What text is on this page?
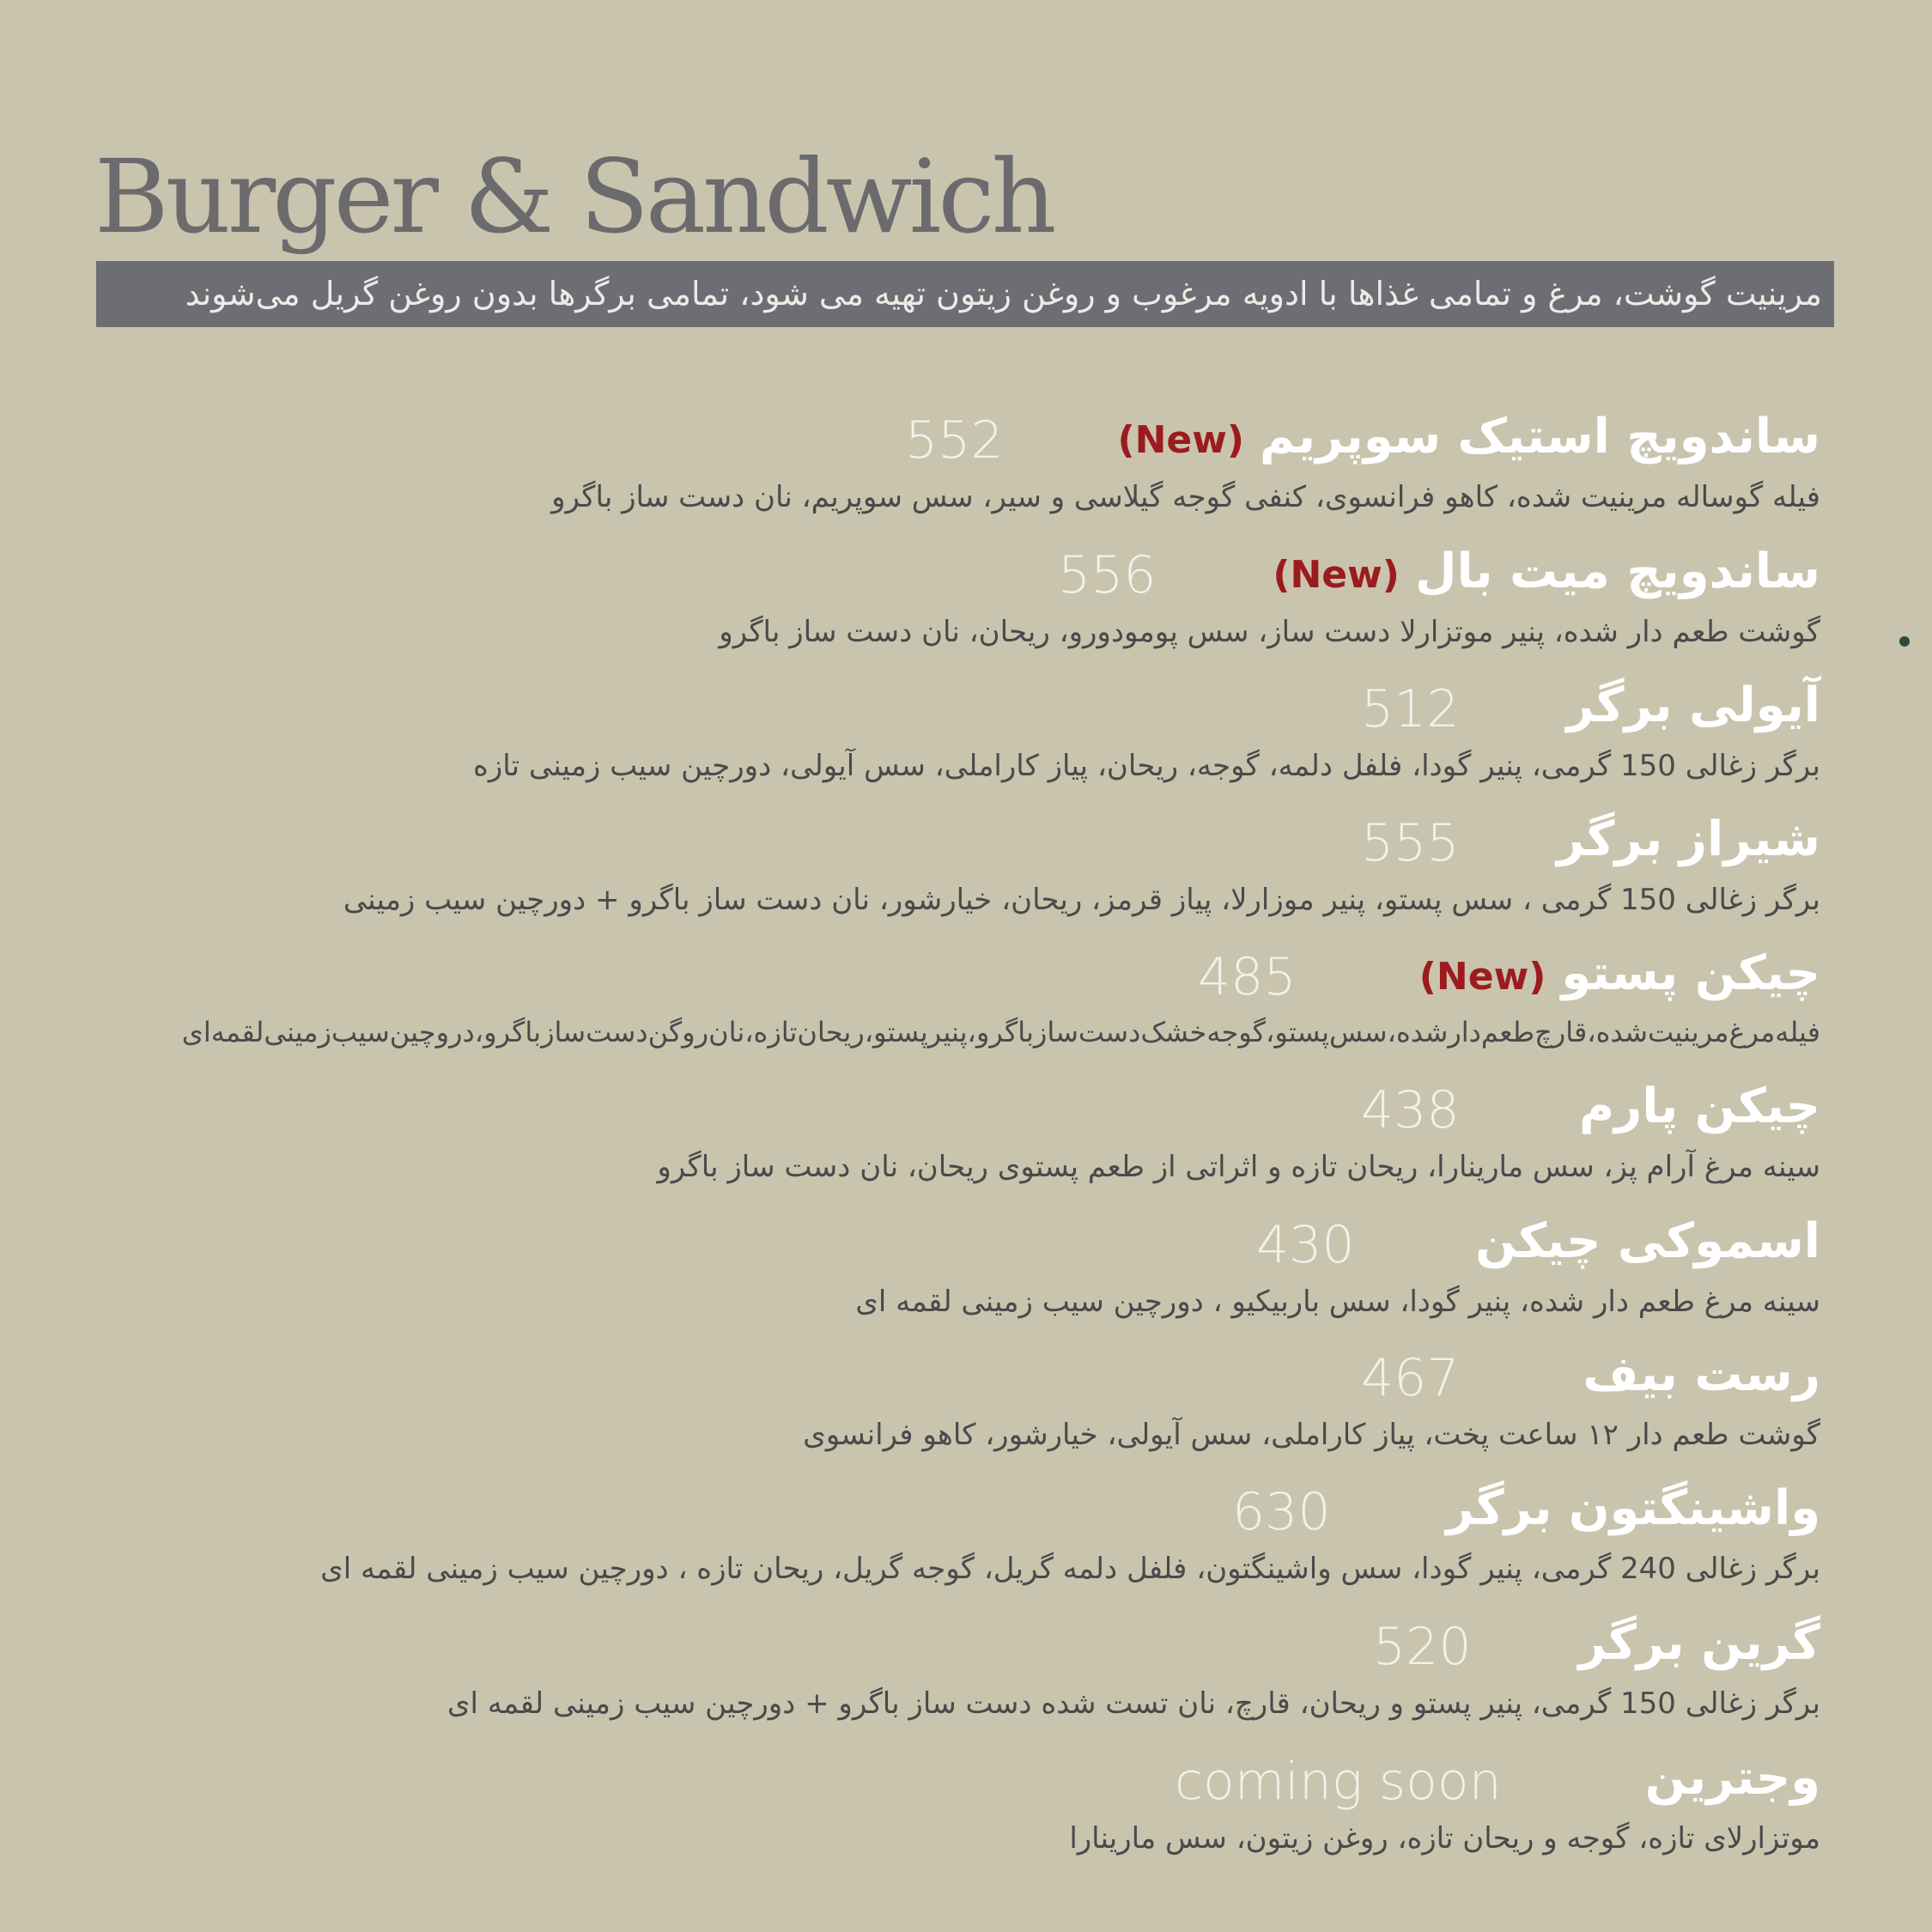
Burger & Sandwich
مرینیت گوشت، مرغ و تمامی غذاها با ادویه مرغوب و روغن زیتون تهیه می شود، تمامی برگرها بدون روغن گریل می‌شوند
ساندویچ استیک سوپریم(New)
552
فیله گوساله مرینیت شده، کاهو فرانسوی، کنفی گوجه گیلاسی و سیر، سس سوپریم، نان دست ساز باگرو
ساندویچ میت بال(New)
556
گوشت طعم دار شده، پنیر موتزارلا دست ساز، سس پومودورو، ریحان، نان دست ساز باگرو
آیولی برگر
512
برگر زغالی 150 گرمی، پنیر گودا، فلفل دلمه، گوجه، ریحان، پیاز کاراملی، سس آیولی، دورچین سیب زمینی تازه
شیراز برگر
555
برگر زغالی 150 گرمی ، سس پستو، پنیر موزارلا، پیاز قرمز، ریحان، خیارشور، نان دست ساز باگرو + دورچین سیب زمینی
چیکن پستو(New)
485
فیله‌مرغ‌مرینیت‌شده،قارچ‌طعم‌دارشده،سس‌پستو،گوجه‌خشک‌دست‌سازباگرو،پنیرپستو،ریحان‌تازه،نان‌روگن‌دست‌سازباگرو،دروچین‌سیب‌زمینی‌لقمه‌ای
چیکن پارم
438
سینه مرغ آرام پز، سس مارینارا، ریحان تازه و اثراتی از طعم پستوی ریحان، نان دست ساز باگرو
اسموکی چیکن
430
سینه مرغ طعم دار شده، پنیر گودا، سس باربیکیو ، دورچین سیب زمینی لقمه ای
رست بیف
467
گوشت طعم دار ۱۲ ساعت پخت، پیاز کاراملی، سس آیولی، خیارشور، کاهو فرانسوی
واشینگتون برگر
630
برگر زغالی 240 گرمی، پنیر گودا، سس واشینگتون، فلفل دلمه گریل، گوجه گریل، ریحان تازه ، دورچین سیب زمینی لقمه ای
گرین برگر
520
برگر زغالی 150 گرمی، پنیر پستو و ریحان، قارچ، نان تست شده دست ساز باگرو + دورچین سیب زمینی لقمه ای
وجترین
coming soon
موتزارلای تازه، گوجه و ریحان تازه، روغن زیتون، سس مارینارا
